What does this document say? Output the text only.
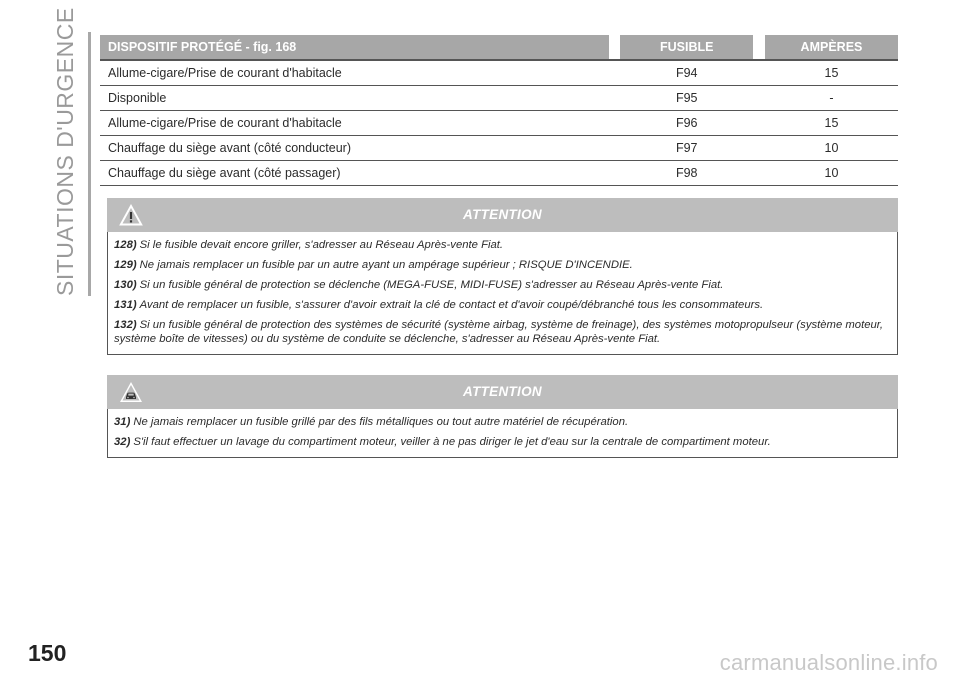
SITUATIONS D'URGENCE DISPOSITIF PROTÉGÉ - fig. 168		FUSIBLE		AMPÈRES
Allume-cigare/Prise de courant d'habitacle		F94		15
Disponible		F95		-
Allume-cigare/Prise de courant d'habitacle		F96		15
Chauffage du siège avant (côté conducteur)		F97		10
Chauffage du siège avant (côté passager)		F98		10
ATTENTION

128) Si le fusible devait encore griller, s'adresser au Réseau Après-vente Fiat.

129) Ne jamais remplacer un fusible par un autre ayant un ampérage supérieur ; RISQUE D'INCENDIE.

130) Si un fusible général de protection se déclenche (MEGA-FUSE, MIDI-FUSE) s'adresser au Réseau Après-vente Fiat.

131) Avant de remplacer un fusible, s'assurer d'avoir extrait la clé de contact et d'avoir coupé/débranché tous les consommateurs.

132) Si un fusible général de protection des systèmes de sécurité (système airbag, système de freinage), des systèmes motopropulseur (système moteur, système boîte de vitesses) ou du système de conduite se déclenche, s'adresser au Réseau Après-vente Fiat.

ATTENTION

31) Ne jamais remplacer un fusible grillé par des fils métalliques ou tout autre matériel de récupération.

32) S'il faut effectuer un lavage du compartiment moteur, veiller à ne pas diriger le jet d'eau sur la centrale de compartiment moteur.

150	carmanualsonline.info
